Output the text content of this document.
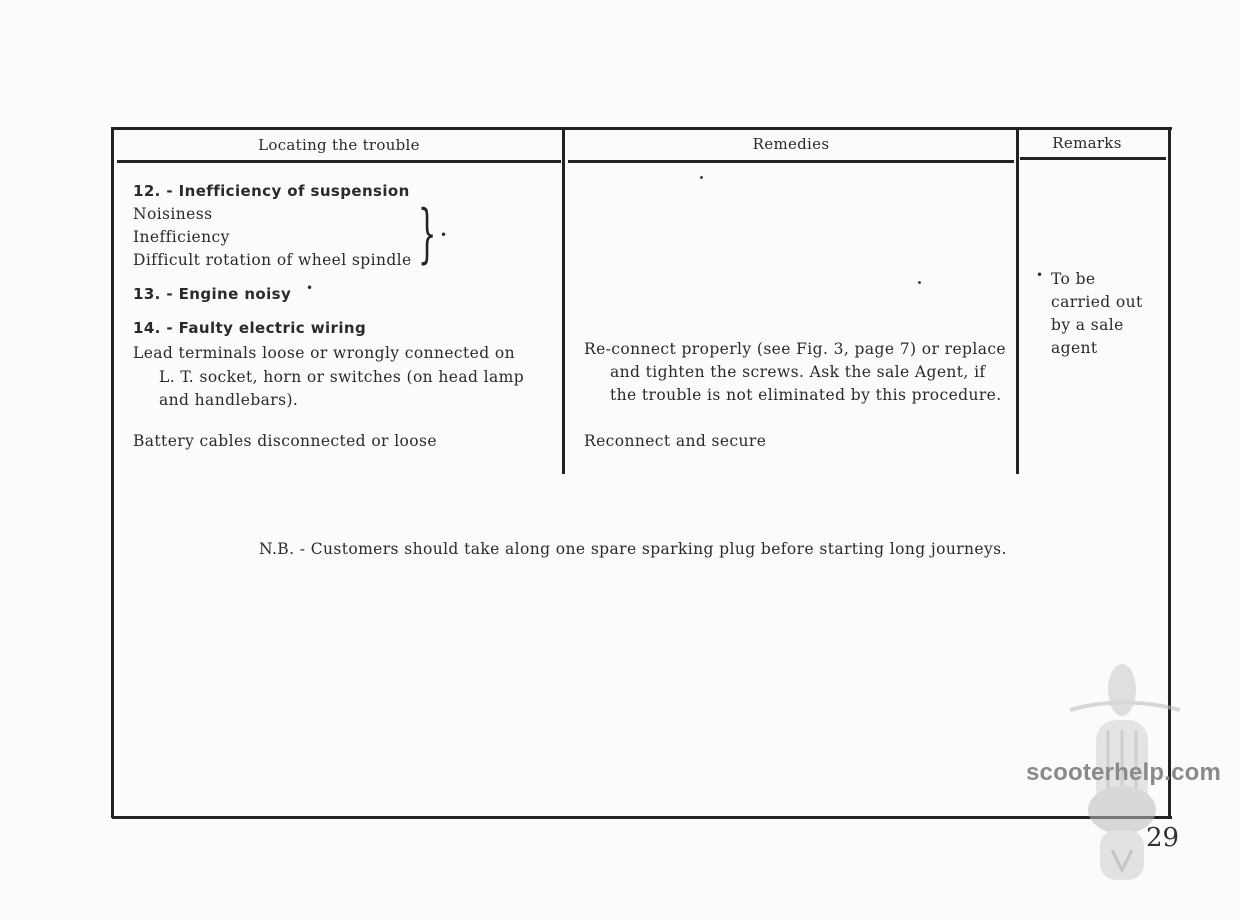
Locating the trouble	Remedies	Remarks
12. - Inefficiency of suspension
Noisiness
Inefficiency
Difficult rotation of wheel spindle } •
13. - Engine noisy •
14. - Faulty electric wiring
Lead terminals loose or wrongly connected on
L. T. socket, horn or switches (on head lamp
and handlebars).
Battery cables disconnected or loose
Re-connect properly (see Fig. 3, page 7) or replace
and tighten the screws. Ask the sale Agent, if
the trouble is not eliminated by this procedure.
Reconnect and secure
• To be
carried out
by a sale
agent
N.B. - Customers should take along one spare sparking plug before starting long journeys.
scooterhelp.com
29
